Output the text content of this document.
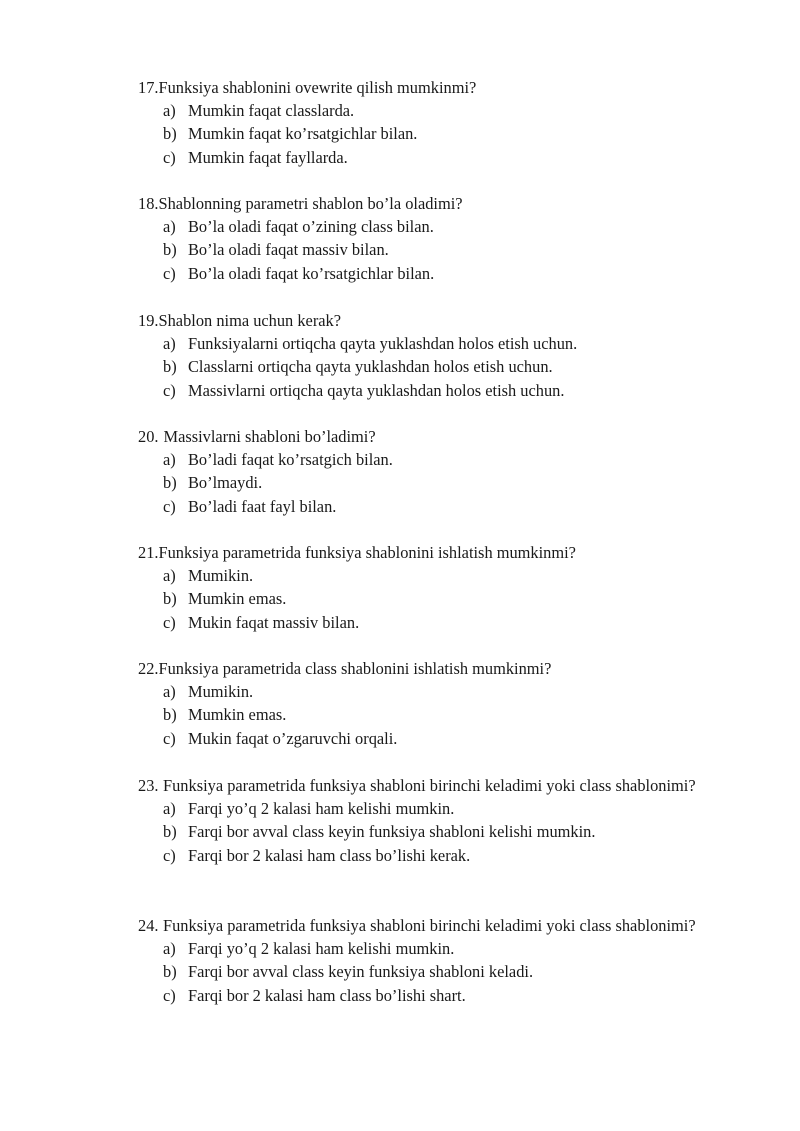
17. Funksiya shablonini ovewrite qilish mumkinmi?
a) Mumkin faqat classlarda.
b) Mumkin faqat ko’rsatgichlar bilan.
c) Mumkin faqat fayllarda.
18. Shablonning parametri shablon bo’la oladimi?
a) Bo’la oladi faqat o’zining class bilan.
b) Bo’la oladi faqat massiv bilan.
c) Bo’la oladi faqat ko’rsatgichlar bilan.
19. Shablon nima uchun kerak?
a) Funksiyalarni ortiqcha qayta yuklashdan holos etish uchun.
b) Classlarni ortiqcha qayta yuklashdan holos etish uchun.
c) Massivlarni ortiqcha qayta yuklashdan holos etish uchun.
20. Massivlarni shabloni bo’ladimi?
a) Bo’ladi faqat ko’rsatgich bilan.
b) Bo’lmaydi.
c) Bo’ladi faat fayl bilan.
21. Funksiya parametrida funksiya shablonini ishlatish mumkinmi?
a) Mumikin.
b) Mumkin emas.
c) Mukin faqat massiv bilan.
22. Funksiya parametrida class shablonini ishlatish mumkinmi?
a) Mumikin.
b) Mumkin emas.
c) Mukin faqat o’zgaruvchi orqali.
23. Funksiya parametrida funksiya shabloni birinchi keladimi yoki class shablonimi?
a) Farqi yo’q 2 kalasi ham kelishi mumkin.
b) Farqi bor avval class keyin funksiya shabloni kelishi mumkin.
c) Farqi bor 2 kalasi ham class bo’lishi kerak.
24. Funksiya parametrida funksiya shabloni birinchi keladimi yoki class shablonimi?
a) Farqi yo’q 2 kalasi ham kelishi mumkin.
b) Farqi bor avval class keyin funksiya shabloni keladi.
c) Farqi bor 2 kalasi ham class bo’lishi shart.
